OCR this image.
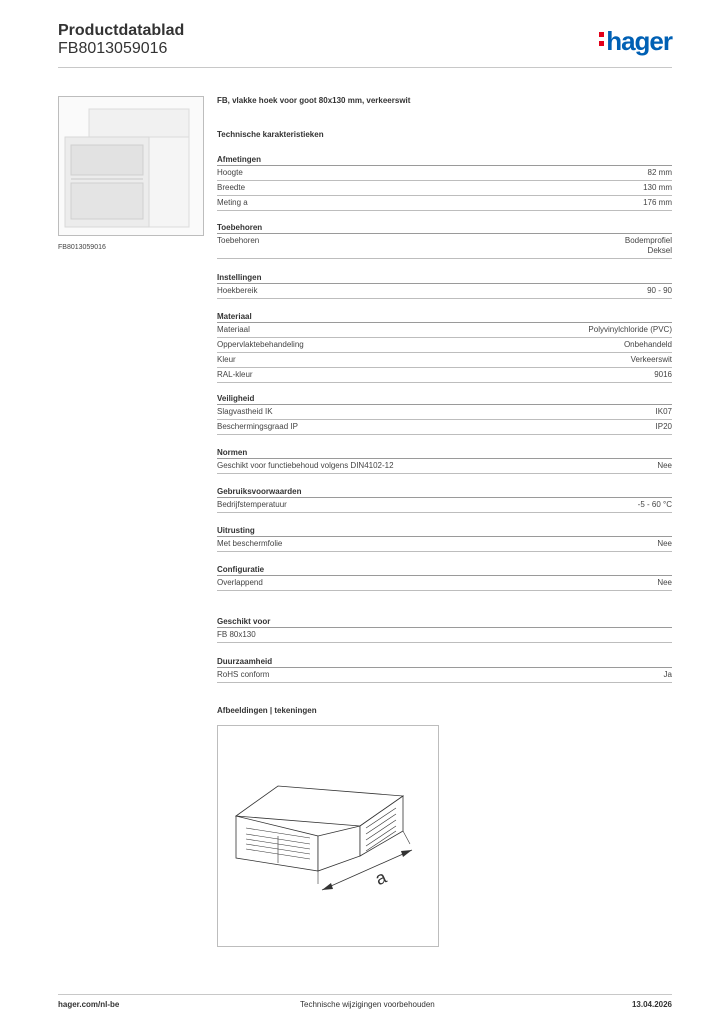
Productdatablad
FB8013059016	hager
FB8013059016
FB, vlakke hoek voor goot 80x130 mm, verkeerswit
Technische karakteristieken
Afmetingen
Hoogte	82 mm
Breedte	130 mm
Meting a	176 mm
Toebehoren
Toebehoren	Bodemprofiel
Deksel
Instellingen
Hoekbereik	90 - 90
Materiaal
Materiaal	Polyvinylchloride (PVC)
Oppervlaktebehandeling	Onbehandeld
Kleur	Verkeerswit
RAL-kleur	9016
Veiligheid
Slagvastheid IK	IK07
Beschermingsgraad IP	IP20
Normen
Geschikt voor functiebehoud volgens DIN4102-12	Nee
Gebruiksvoorwaarden
Bedrijfstemperatuur	-5 - 60 °C
Uitrusting
Met beschermfolie	Nee
Configuratie
Overlappend	Nee
Geschikt voor
FB 80x130
Duurzaamheid
RoHS conform	Ja
Afbeeldingen | tekeningen
a
hager.com/nl-be	Technische wijzigingen voorbehouden	13.04.2026
